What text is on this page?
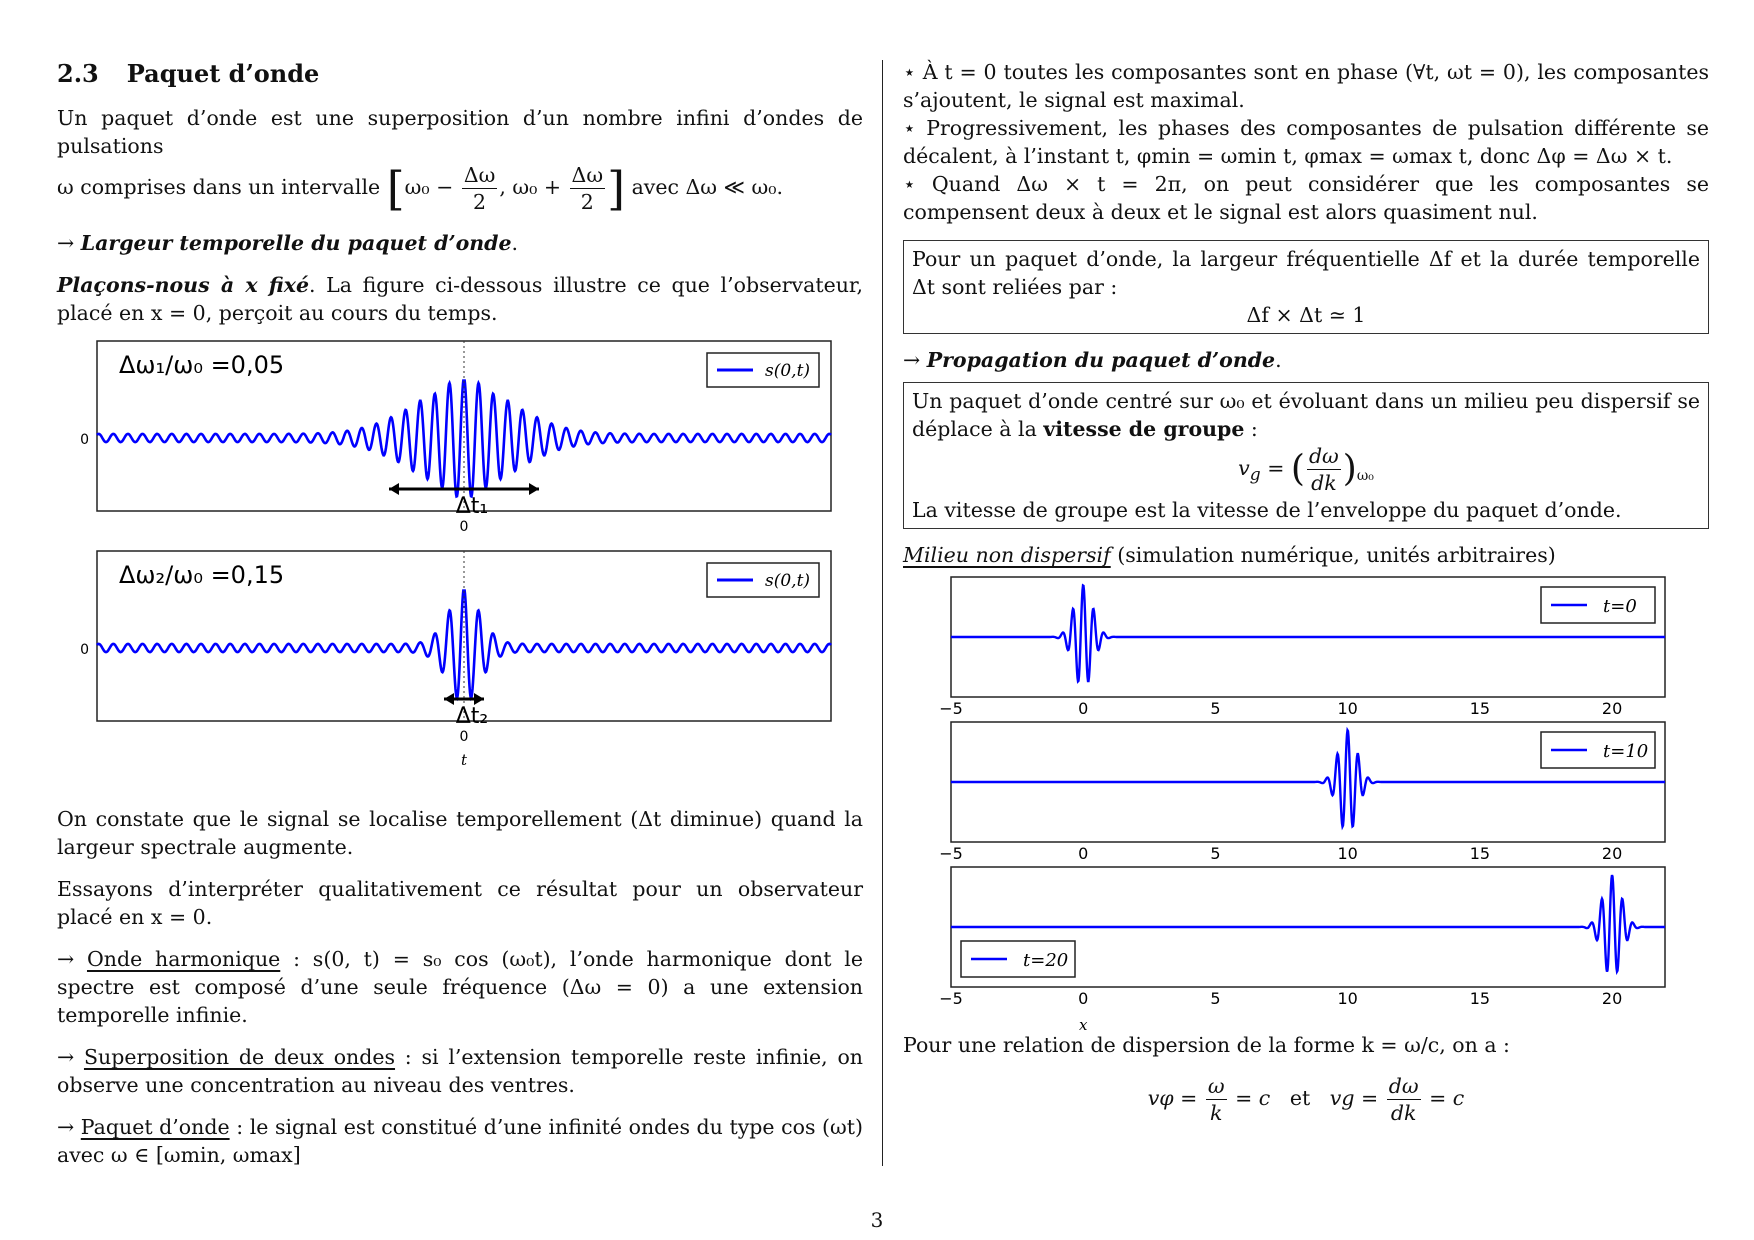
2.3 Paquet d’onde

Un paquet d’onde est une superposition d’un nombre infini d’ondes de pulsations

ω comprises dans un intervalle [$\omega_0 - \frac{\Delta\omega}{2}$ , $\omega_0 + \frac{\Delta\omega}{2}$ ] avec Δω ≪ ω₀.

→ Largeur temporelle du paquet d’onde.

Plaçons-nous à x fixé. La figure ci-dessous illustre ce que l’observateur, placé en x = 0, perçoit au cours du temps.

0
0
Δω₁/ω₀ =0,05	s(0,t)
Δt₁
0
0
t
Δω₂/ω₀ =0,15	s(0,t)
Δt₂

On constate que le signal se localise temporellement (Δt diminue) quand la largeur spectrale augmente.

Essayons d’interpréter qualitativement ce résultat pour un observateur placé en x = 0.

→ Onde harmonique : s(0, t) = s₀ cos (ω₀t), l’onde harmonique dont le spectre est composé d’une seule fréquence (Δω = 0) a une extension temporelle infinie.

→ Superposition de deux ondes : si l’extension temporelle reste infinie, on observe une concentration au niveau des ventres.

→ Paquet d’onde : le signal est constitué d’une infinité ondes du type cos (ωt) avec ω ∈ [ωmin, ωmax]

⋆ À t = 0 toutes les composantes sont en phase (∀t, ωt = 0), les composantes s’ajoutent, le signal est maximal.

⋆ Progressivement, les phases des composantes de pulsation différente se décalent, à l’instant t, φmin = ωmin t, φmax = ωmax t, donc Δφ = Δω × t.

⋆ Quand Δω × t = 2π, on peut considérer que les composantes se compensent deux à deux et le signal est alors quasiment nul.

Pour un paquet d’onde, la largeur fréquentielle Δf et la durée temporelle Δt sont reliées par :

Δf × Δt ≃ 1

→ Propagation du paquet d’onde.

Un paquet d’onde centré sur ω₀ et évoluant dans un milieu peu dispersif se déplace à la vitesse de groupe :

$v_g$ = ( $\frac{d\omega}{dk} )_{\omega_0}$

La vitesse de groupe est la vitesse de l’enveloppe du paquet d’onde.

Milieu non dispersif (simulation numérique, unités arbitraires)

−5	0	5	10	15	20
t=0
−5	0	5	10	15	20
t=10
−5	0	5	10	15	20
t=20
x

Pour une relation de dispersion de la forme k = ω/c, on a :

$v\varphi = \frac{\omega}{k} = c$ et vg = $\frac{d\omega}{dk} = c$

3
